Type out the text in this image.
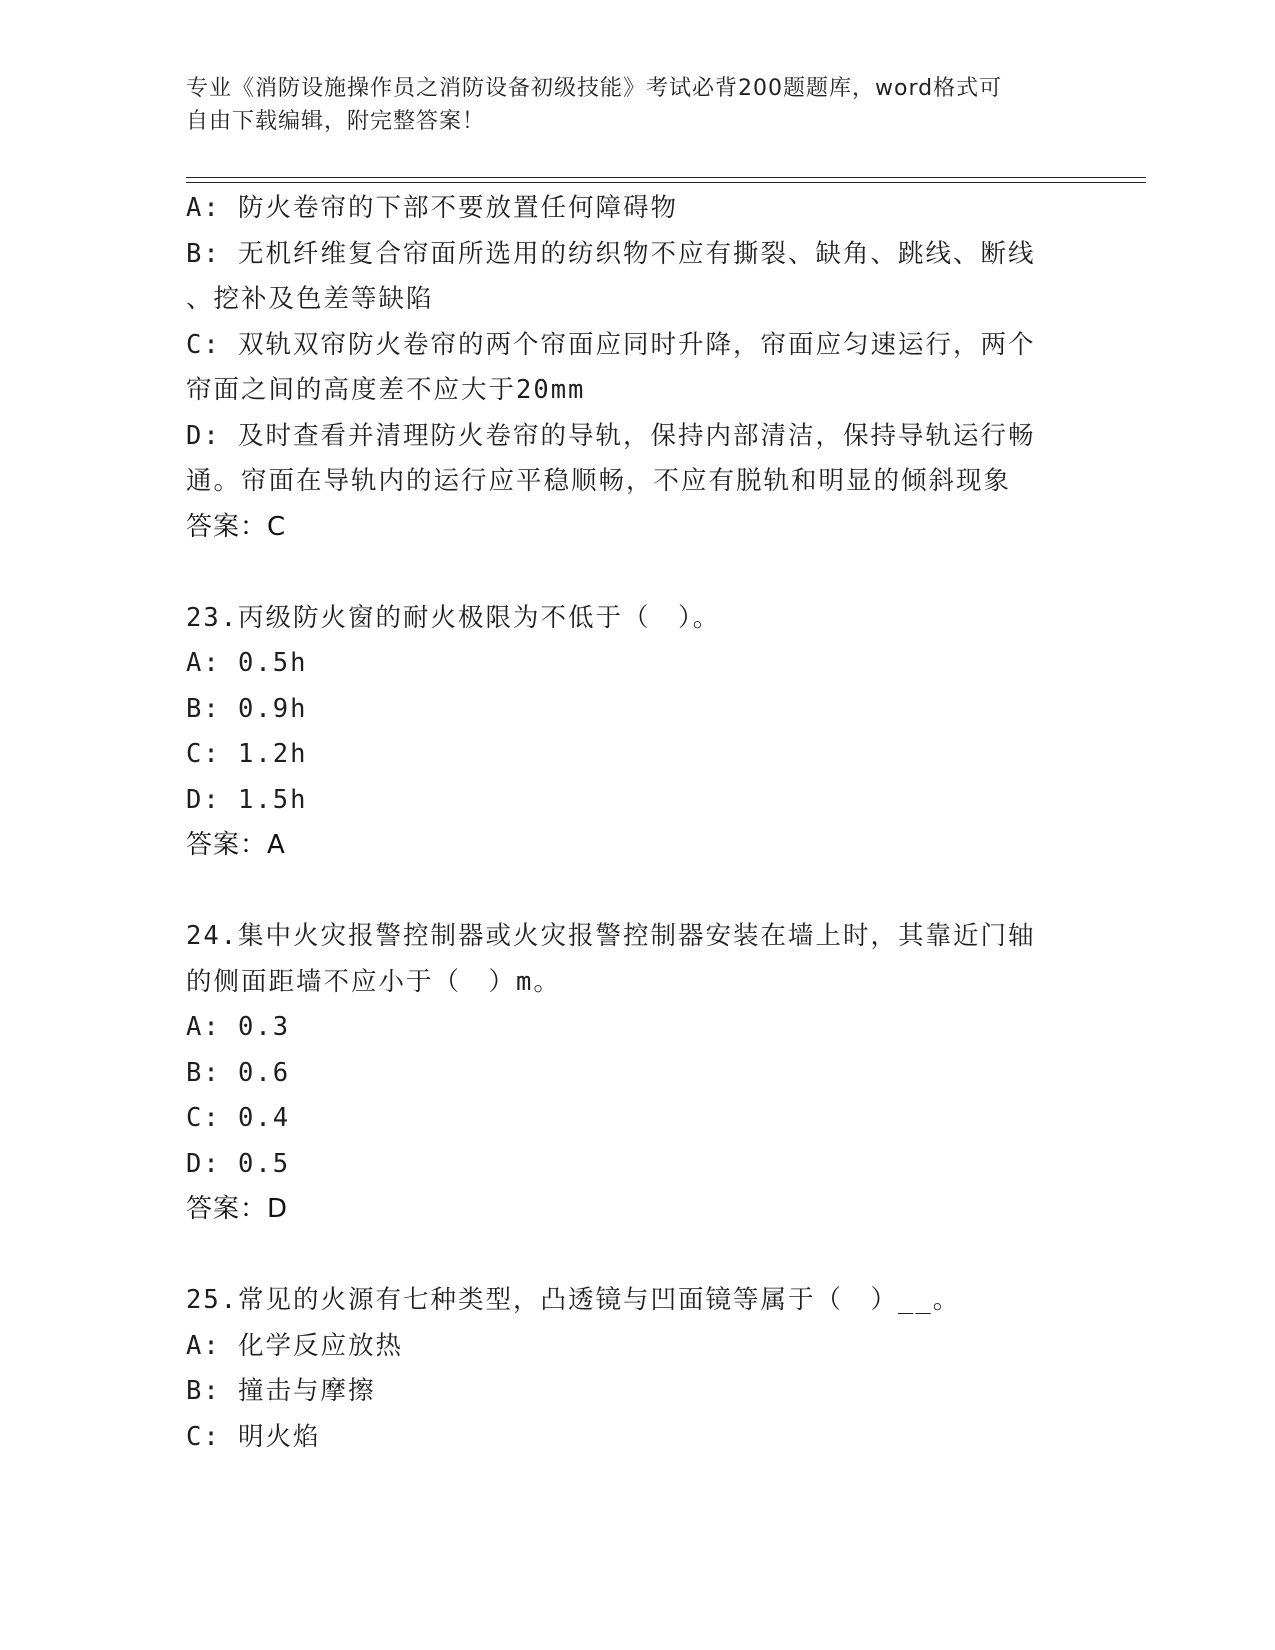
专业《消防设施操作员之消防设备初级技能》考试必背200题题库，word格式可
自由下载编辑，附完整答案！

A: 防火卷帘的下部不要放置任何障碍物

B: 无机纤维复合帘面所选用的纺织物不应有撕裂、缺角、跳线、断线

、挖补及色差等缺陷

C: 双轨双帘防火卷帘的两个帘面应同时升降，帘面应匀速运行，两个

帘面之间的高度差不应大于20mm

D: 及时查看并清理防火卷帘的导轨，保持内部清洁，保持导轨运行畅

通。帘面在导轨内的运行应平稳顺畅，不应有脱轨和明显的倾斜现象

答案：C

23.丙级防火窗的耐火极限为不低于（　）。

A: 0.5h

B: 0.9h

C: 1.2h

D: 1.5h

答案：A

24.集中火灾报警控制器或火灾报警控制器安装在墙上时，其靠近门轴

的侧面距墙不应小于（　）m。

A: 0.3

B: 0.6

C: 0.4

D: 0.5

答案：D

25.常见的火源有七种类型，凸透镜与凹面镜等属于（　）__。

A: 化学反应放热

B: 撞击与摩擦

C: 明火焰
